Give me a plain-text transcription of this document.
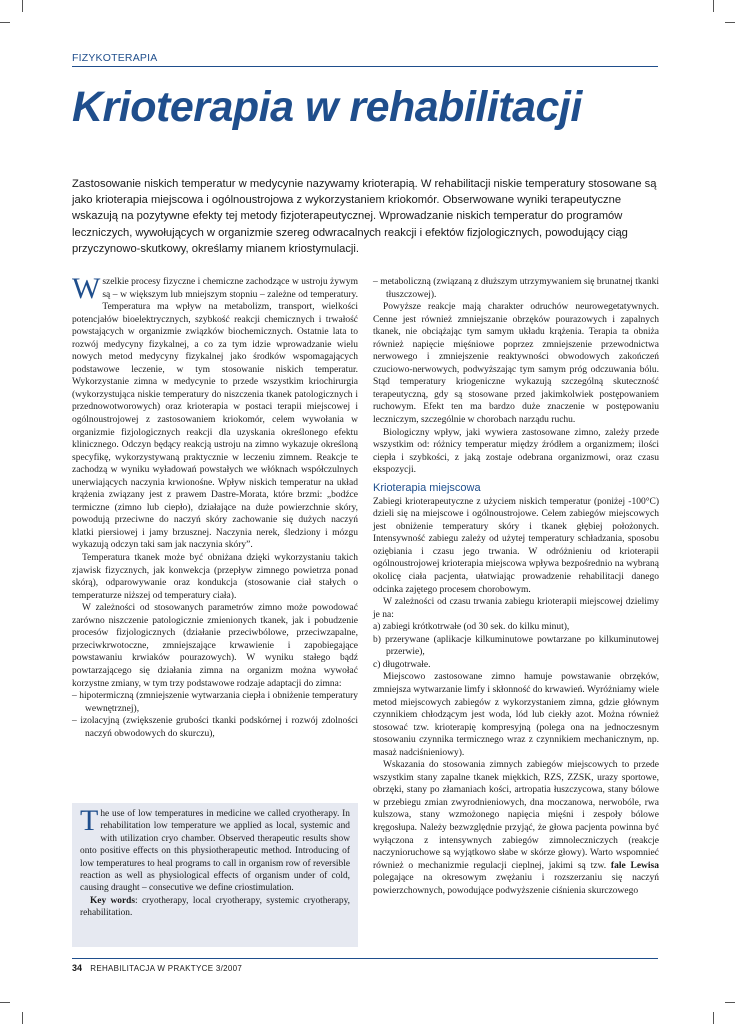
FIZYKOTERAPIA
Krioterapia w rehabilitacji

Zastosowanie niskich temperatur w medycynie nazywamy krioterapią. W rehabilitacji niskie temperatury stosowane są jako krioterapia miejscowa i ogólnoustrojowa z wykorzystaniem kriokomór. Obserwowane wyniki terapeutyczne wskazują na pozytywne efekty tej metody fizjoterapeutycznej. Wprowadzanie niskich temperatur do programów leczniczych, wywołujących w organizmie szereg odwracalnych reakcji i efektów fizjologicznych, powodujący ciąg przyczynowo-skutkowy, określamy mianem kriostymulacji.

Wszelkie procesy fizyczne i chemiczne zachodzące w ustroju żywym są – w większym lub mniejszym stopniu – zależne od temperatury. Temperatura ma wpływ na metabolizm, transport, wielkości potencjałów bioelektrycznych, szybkość reakcji chemicznych i trwałość powstających w organizmie związków biochemicznych. Ostatnie lata to rozwój medycyny fizykalnej, a co za tym idzie wprowadzanie wielu nowych metod medycyny fizykalnej jako środków wspomagających podstawowe leczenie, w tym stosowanie niskich temperatur. Wykorzystanie zimna w medycynie to przede wszystkim kriochirurgia (wykorzystująca niskie temperatury do niszczenia tkanek patologicznych i przednowotworowych) oraz krioterapia w postaci terapii miejscowej i ogólnoustrojowej z zastosowaniem kriokomór, celem wywołania w organizmie fizjologicznych reakcji dla uzyskania określonego efektu klinicznego. Odczyn będący reakcją ustroju na zimno wykazuje określoną specyfikę, wykorzystywaną praktycznie w leczeniu zimnem. Reakcje te zachodzą w wyniku wyładowań powstałych we włóknach współczulnych unerwiających naczynia krwionośne. Wpływ niskich temperatur na układ krążenia związany jest z prawem Dastre-Morata, które brzmi: „bodźce termiczne (zimno lub ciepło), działające na duże powierzchnie skóry, powodują przeciwne do naczyń skóry zachowanie się dużych naczyń klatki piersiowej i jamy brzusznej. Naczynia nerek, śledziony i mózgu wykazują odczyn taki sam jak naczynia skóry”.

Temperatura tkanek może być obniżana dzięki wykorzystaniu takich zjawisk fizycznych, jak konwekcja (przepływ zimnego powietrza ponad skórą), odparowywanie oraz kondukcja (stosowanie ciał stałych o temperaturze niższej od temperatury ciała).

W zależności od stosowanych parametrów zimno może powodować zarówno niszczenie patologicznie zmienionych tkanek, jak i pobudzenie procesów fizjologicznych (działanie przeciwbólowe, przeciwzapalne, przeciwkrwotoczne, zmniejszające krwawienie i zapobiegające powstawaniu krwiaków pourazowych). W wyniku stałego bądź powtarzającego się działania zimna na organizm można wywołać korzystne zmiany, w tym trzy podstawowe rodzaje adaptacji do zimna:

– hipotermiczną (zmniejszenie wytwarzania ciepła i obniżenie temperatury wewnętrznej),

– izolacyjną (zwiększenie grubości tkanki podskórnej i rozwój zdolności naczyń obwodowych do skurczu),

The use of low temperatures in medicine we called cryotherapy. In rehabilitation low temperature we applied as local, systemic and with utilization cryo chamber. Observed therapeutic results show onto positive effects on this physiotherapeutic method. Introducing of low temperatures to heal programs to call in organism row of reversible reaction as well as physiological effects of organism under of cold, causing draught – consecutive we define criostimulation.

Key words: cryotherapy, local cryotherapy, systemic cryotherapy, rehabilitation.

– metaboliczną (związaną z dłuższym utrzymywaniem się brunatnej tkanki tłuszczowej).

Powyższe reakcje mają charakter odruchów neurowegetatywnych. Cenne jest również zmniejszanie obrzęków pourazowych i zapalnych tkanek, nie obciążając tym samym układu krążenia. Terapia ta obniża również napięcie mięśniowe poprzez zmniejszenie przewodnictwa nerwowego i zmniejszenie reaktywności obwodowych zakończeń czuciowo-nerwowych, podwyższając tym samym próg odczuwania bólu. Stąd temperatury kriogeniczne wykazują szczególną skuteczność terapeutyczną, gdy są stosowane przed jakimkolwiek postępowaniem ruchowym. Efekt ten ma bardzo duże znaczenie w postępowaniu leczniczym, szczególnie w chorobach narządu ruchu.

Biologiczny wpływ, jaki wywiera zastosowane zimno, zależy przede wszystkim od: różnicy temperatur między źródłem a organizmem; ilości ciepła i szybkości, z jaką zostaje odebrana organizmowi, oraz czasu ekspozycji.

Krioterapia miejscowa

Zabiegi krioterapeutyczne z użyciem niskich temperatur (poniżej -100°C) dzieli się na miejscowe i ogólnoustrojowe. Celem zabiegów miejscowych jest obniżenie temperatury skóry i tkanek głębiej położonych. Intensywność zabiegu zależy od użytej temperatury schładzania, sposobu oziębiania i czasu jego trwania. W odróżnieniu od krioterapii ogólnoustrojowej krioterapia miejscowa wpływa bezpośrednio na wybraną okolicę ciała pacjenta, ułatwiając prowadzenie rehabilitacji danego odcinka zajętego procesem chorobowym.

W zależności od czasu trwania zabiegu krioterapii miejscowej dzielimy je na:

a) zabiegi krótkotrwałe (od 30 sek. do kilku minut),

b) przerywane (aplikacje kilkuminutowe powtarzane po kilkuminutowej przerwie),

c) długotrwałe.

Miejscowo zastosowane zimno hamuje powstawanie obrzęków, zmniejsza wytwarzanie limfy i skłonność do krwawień. Wyróżniamy wiele metod miejscowych zabiegów z wykorzystaniem zimna, gdzie głównym czynnikiem chłodzącym jest woda, lód lub ciekły azot. Można również stosować tzw. krioterapię kompresyjną (polega ona na jednoczesnym stosowaniu czynnika termicznego wraz z czynnikiem mechanicznym, np. masaż nadciśnieniowy).

Wskazania do stosowania zimnych zabiegów miejscowych to przede wszystkim stany zapalne tkanek miękkich, RZS, ZZSK, urazy sportowe, obrzęki, stany po złamaniach kości, artropatia łuszczycowa, stany bólowe w przebiegu zmian zwyrodnieniowych, dna moczanowa, nerwobóle, rwa kulszowa, stany wzmożonego napięcia mięśni i zespoły bólowe kręgosłupa. Należy bezwzględnie przyjąć, że głowa pacjenta powinna być wyłączona z intensywnych zabiegów zimnoleczniczych (reakcje naczynioruchowe są wyjątkowo słabe w skórze głowy). Warto wspomnieć również o mechanizmie regulacji cieplnej, jakimi są tzw. fale Lewisa polegające na okresowym zwężaniu i rozszerzaniu się naczyń powierzchownych, powodujące podwyższenie ciśnienia skurczowego

34 REHABILITACJA W PRAKTYCE 3/2007
